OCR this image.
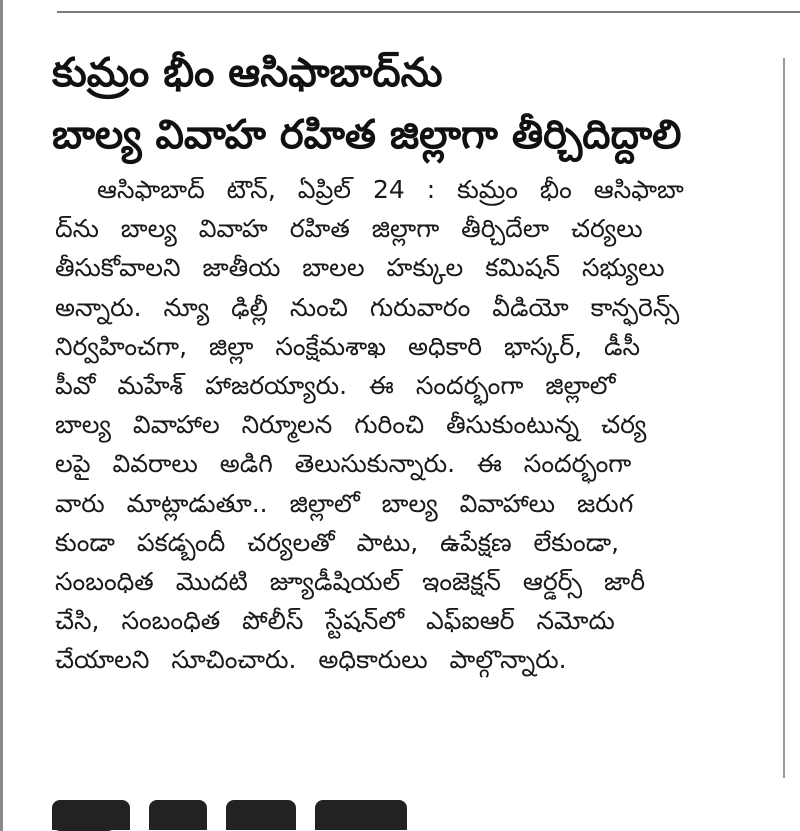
కుమ్రం భీం ఆసిఫాబాద్‌ను
బాల్య వివాహ రహిత జిల్లాగా తీర్చిదిద్దాలి
ఆసిఫాబాద్ టౌన్, ఏప్రిల్ 24 : కుమ్రం భీం ఆసిఫాబా
ద్‌ను బాల్య వివాహ రహిత జిల్లాగా తీర్చిదేలా చర్యలు
తీసుకోవాలని జాతీయ బాలల హక్కుల కమిషన్ సభ్యులు
అన్నారు. న్యూ ఢిల్లీ నుంచి గురువారం వీడియో కాన్ఫరెన్స్
నిర్వహించగా, జిల్లా సంక్షేమశాఖ అధికారి భాస్కర్, డీసీ
పీవో మహేశ్ హాజరయ్యారు. ఈ సందర్భంగా జిల్లాలో
బాల్య వివాహాల నిర్మూలన గురించి తీసుకుంటున్న చర్య
లపై వివరాలు అడిగి తెలుసుకున్నారు. ఈ సందర్భంగా
వారు మాట్లాడుతూ.. జిల్లాలో బాల్య వివాహాలు జరుగ
కుండా పకడ్బందీ చర్యలతో పాటు, ఉపేక్షణ లేకుండా,
సంబంధిత మొదటి జ్యూడీషియల్ ఇంజెక్షన్ ఆర్డర్స్ జారీ
చేసి, సంబంధిత పోలీస్ స్టేషన్‌లో ఎఫ్ఐఆర్ నమోదు
చేయాలని సూచించారు. అధికారులు పాల్గొన్నారు.
